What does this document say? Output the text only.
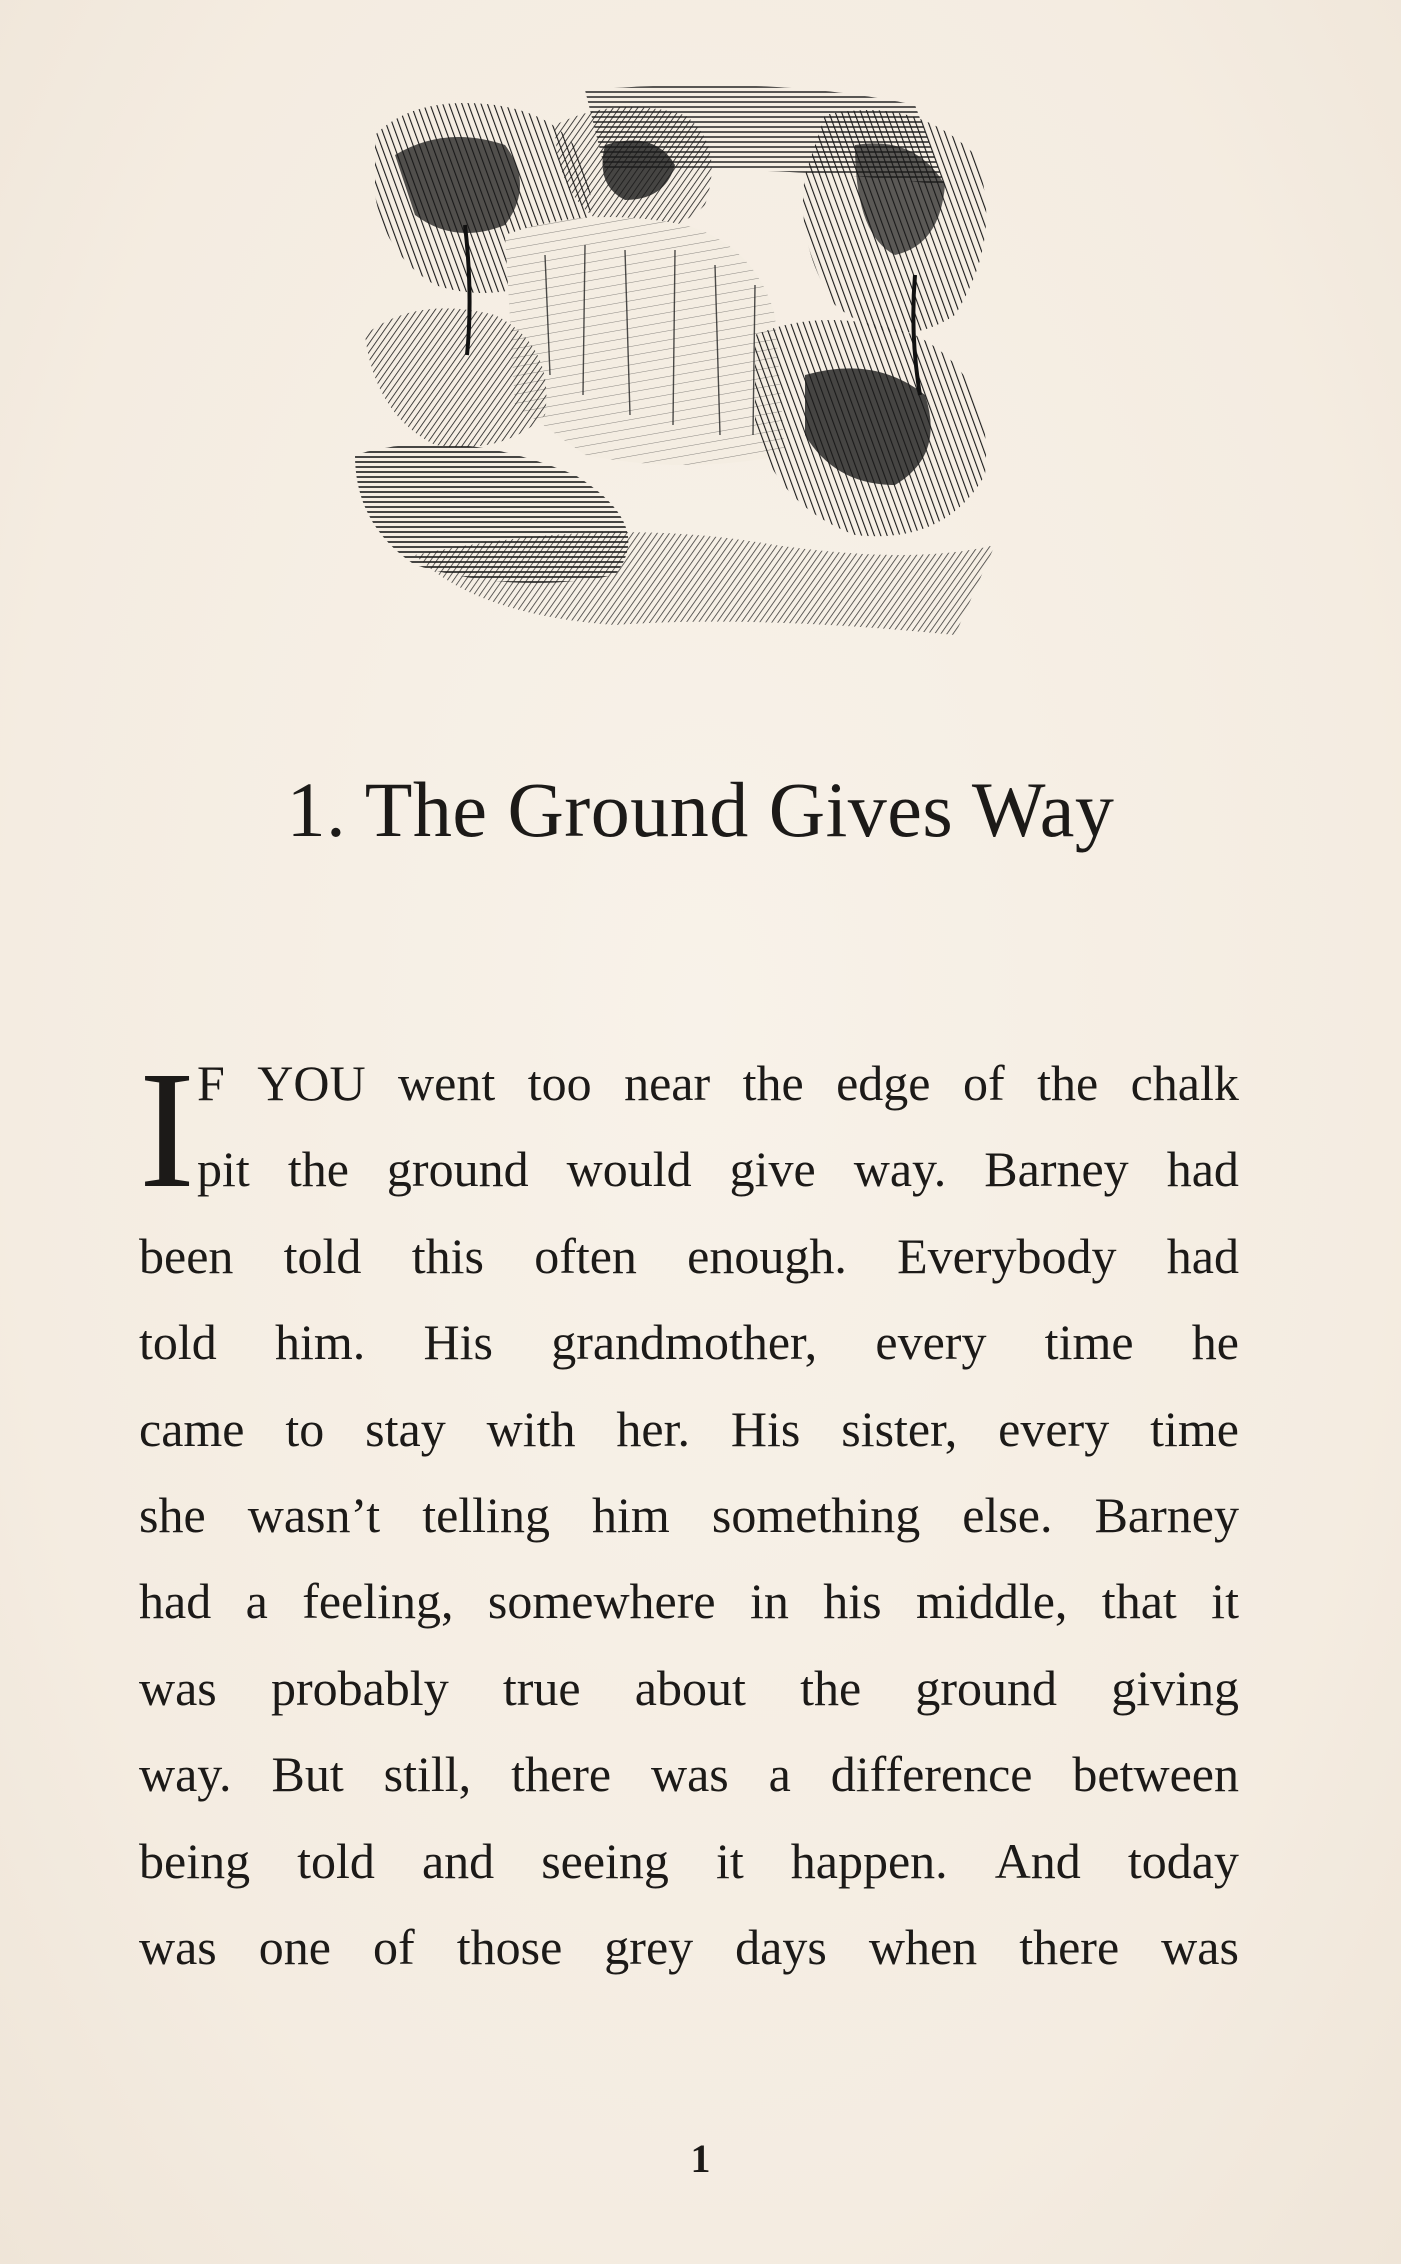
1. The Ground Gives Way
I F YOU went too near the edge of the chalk
pit the ground would give way. Barney had
been told this often enough. Everybody had
told him. His grandmother, every time he
came to stay with her. His sister, every time
she wasn’t telling him something else. Barney
had a feeling, somewhere in his middle, that it
was probably true about the ground giving
way. But still, there was a difference between
being told and seeing it happen. And today
was one of those grey days when there was
1
